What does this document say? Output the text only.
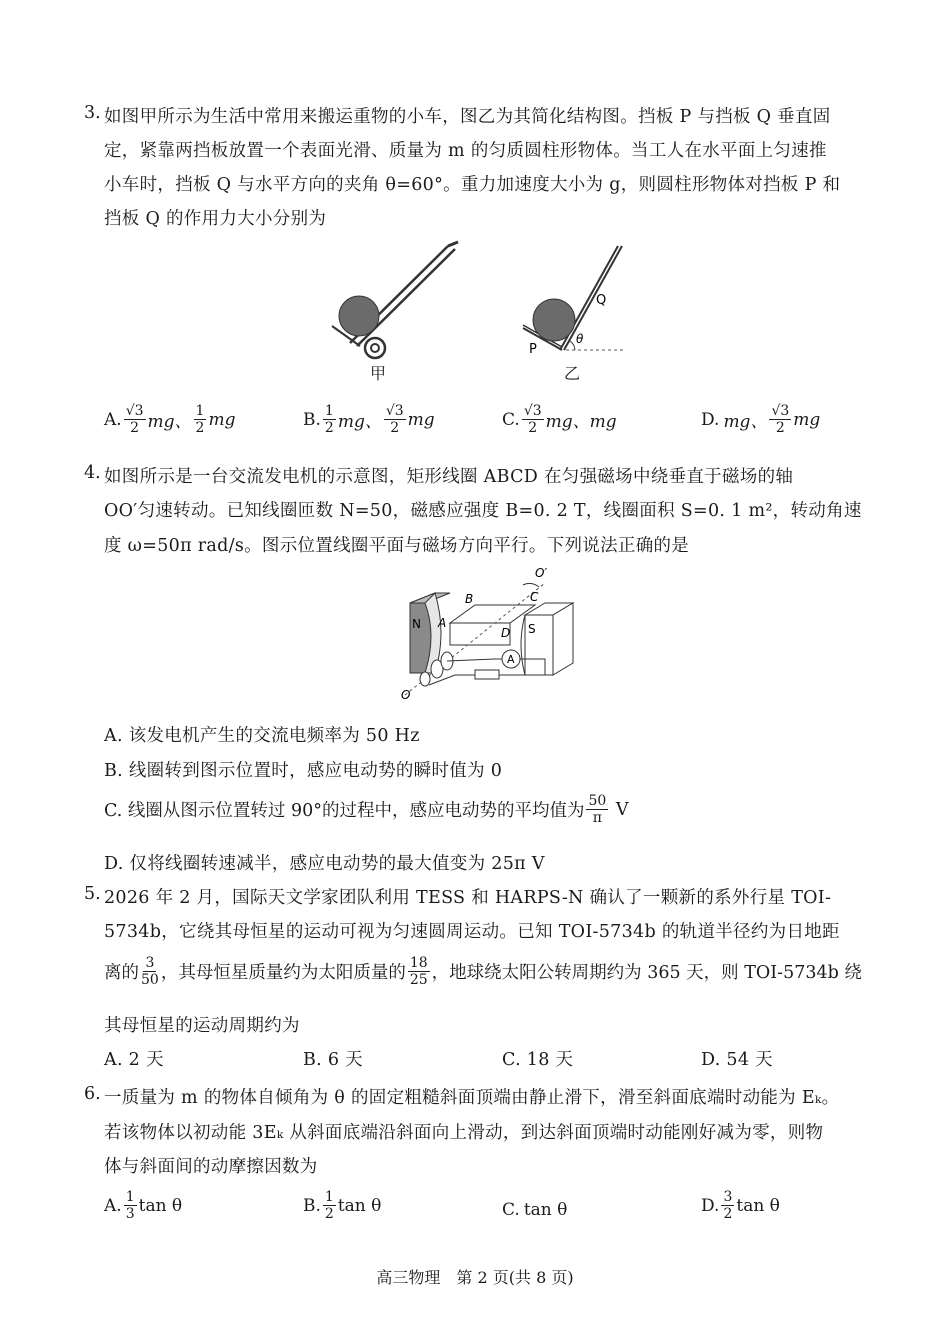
3. 如图甲所示为生活中常用来搬运重物的小车，图乙为其简化结构图。挡板 P 与挡板 Q 垂直固
定，紧靠两挡板放置一个表面光滑、质量为 m 的匀质圆柱形物体。当工人在水平面上匀速推
小车时，挡板 Q 与水平方向的夹角 θ=60°。重力加速度大小为 g，则圆柱形物体对挡板 P 和
挡板 Q 的作用力大小分别为
Q
θ
P
甲	乙
A. $\frac{√3}{2}$ mg、 $\frac{1}{2}$ mg	B. $\frac{1}{2}$ mg、 $\frac{√3}{2}$ mg	C. $\frac{√3}{2}$ mg、mg	D. mg、 $\frac{√3}{2}$ mg
4. 如图所示是一台交流发电机的示意图，矩形线圈 ABCD 在匀强磁场中绕垂直于磁场的轴
OO′匀速转动。已知线圈匝数 N=50，磁感应强度 B=0. 2 T，线圈面积 S=0. 1 m²，转动角速
度 ω=50π rad/s。图示位置线圈平面与磁场方向平行。下列说法正确的是
A
N A
B	C
D S
O
O′
A. 该发电机产生的交流电频率为 50 Hz
B. 线圈转到图示位置时，感应电动势的瞬时值为 0
C. 线圈从图示位置转过 90°的过程中，感应电动势的平均值为 $\frac{50}{\pi}$ V
D. 仅将线圈转速减半，感应电动势的最大值变为 25π V
5. 2026 年 2 月，国际天文学家团队利用 TESS 和 HARPS-N 确认了一颗新的系外行星 TOI-
5734b，它绕其母恒星的运动可视为匀速圆周运动。已知 TOI-5734b 的轨道半径约为日地距
离的 $\frac{3}{50}$ ，其母恒星质量约为太阳质量的 $\frac{18}{25}$ ，地球绕太阳公转周期约为 365 天，则 TOI-5734b 绕
其母恒星的运动周期约为
A. 2 天	B. 6 天	C. 18 天	D. 54 天
6. 一质量为 m 的物体自倾角为 θ 的固定粗糙斜面顶端由静止滑下，滑至斜面底端时动能为 Eₖ。
若该物体以初动能 3Eₖ 从斜面底端沿斜面向上滑动，到达斜面顶端时动能刚好减为零，则物
体与斜面间的动摩擦因数为
A. $\frac{1}{3}$ tan θ	B. $\frac{1}{2}$ tan θ	C. tan θ	D. $\frac{3}{2}$ tan θ
高三物理　第 2 页(共 8 页)
